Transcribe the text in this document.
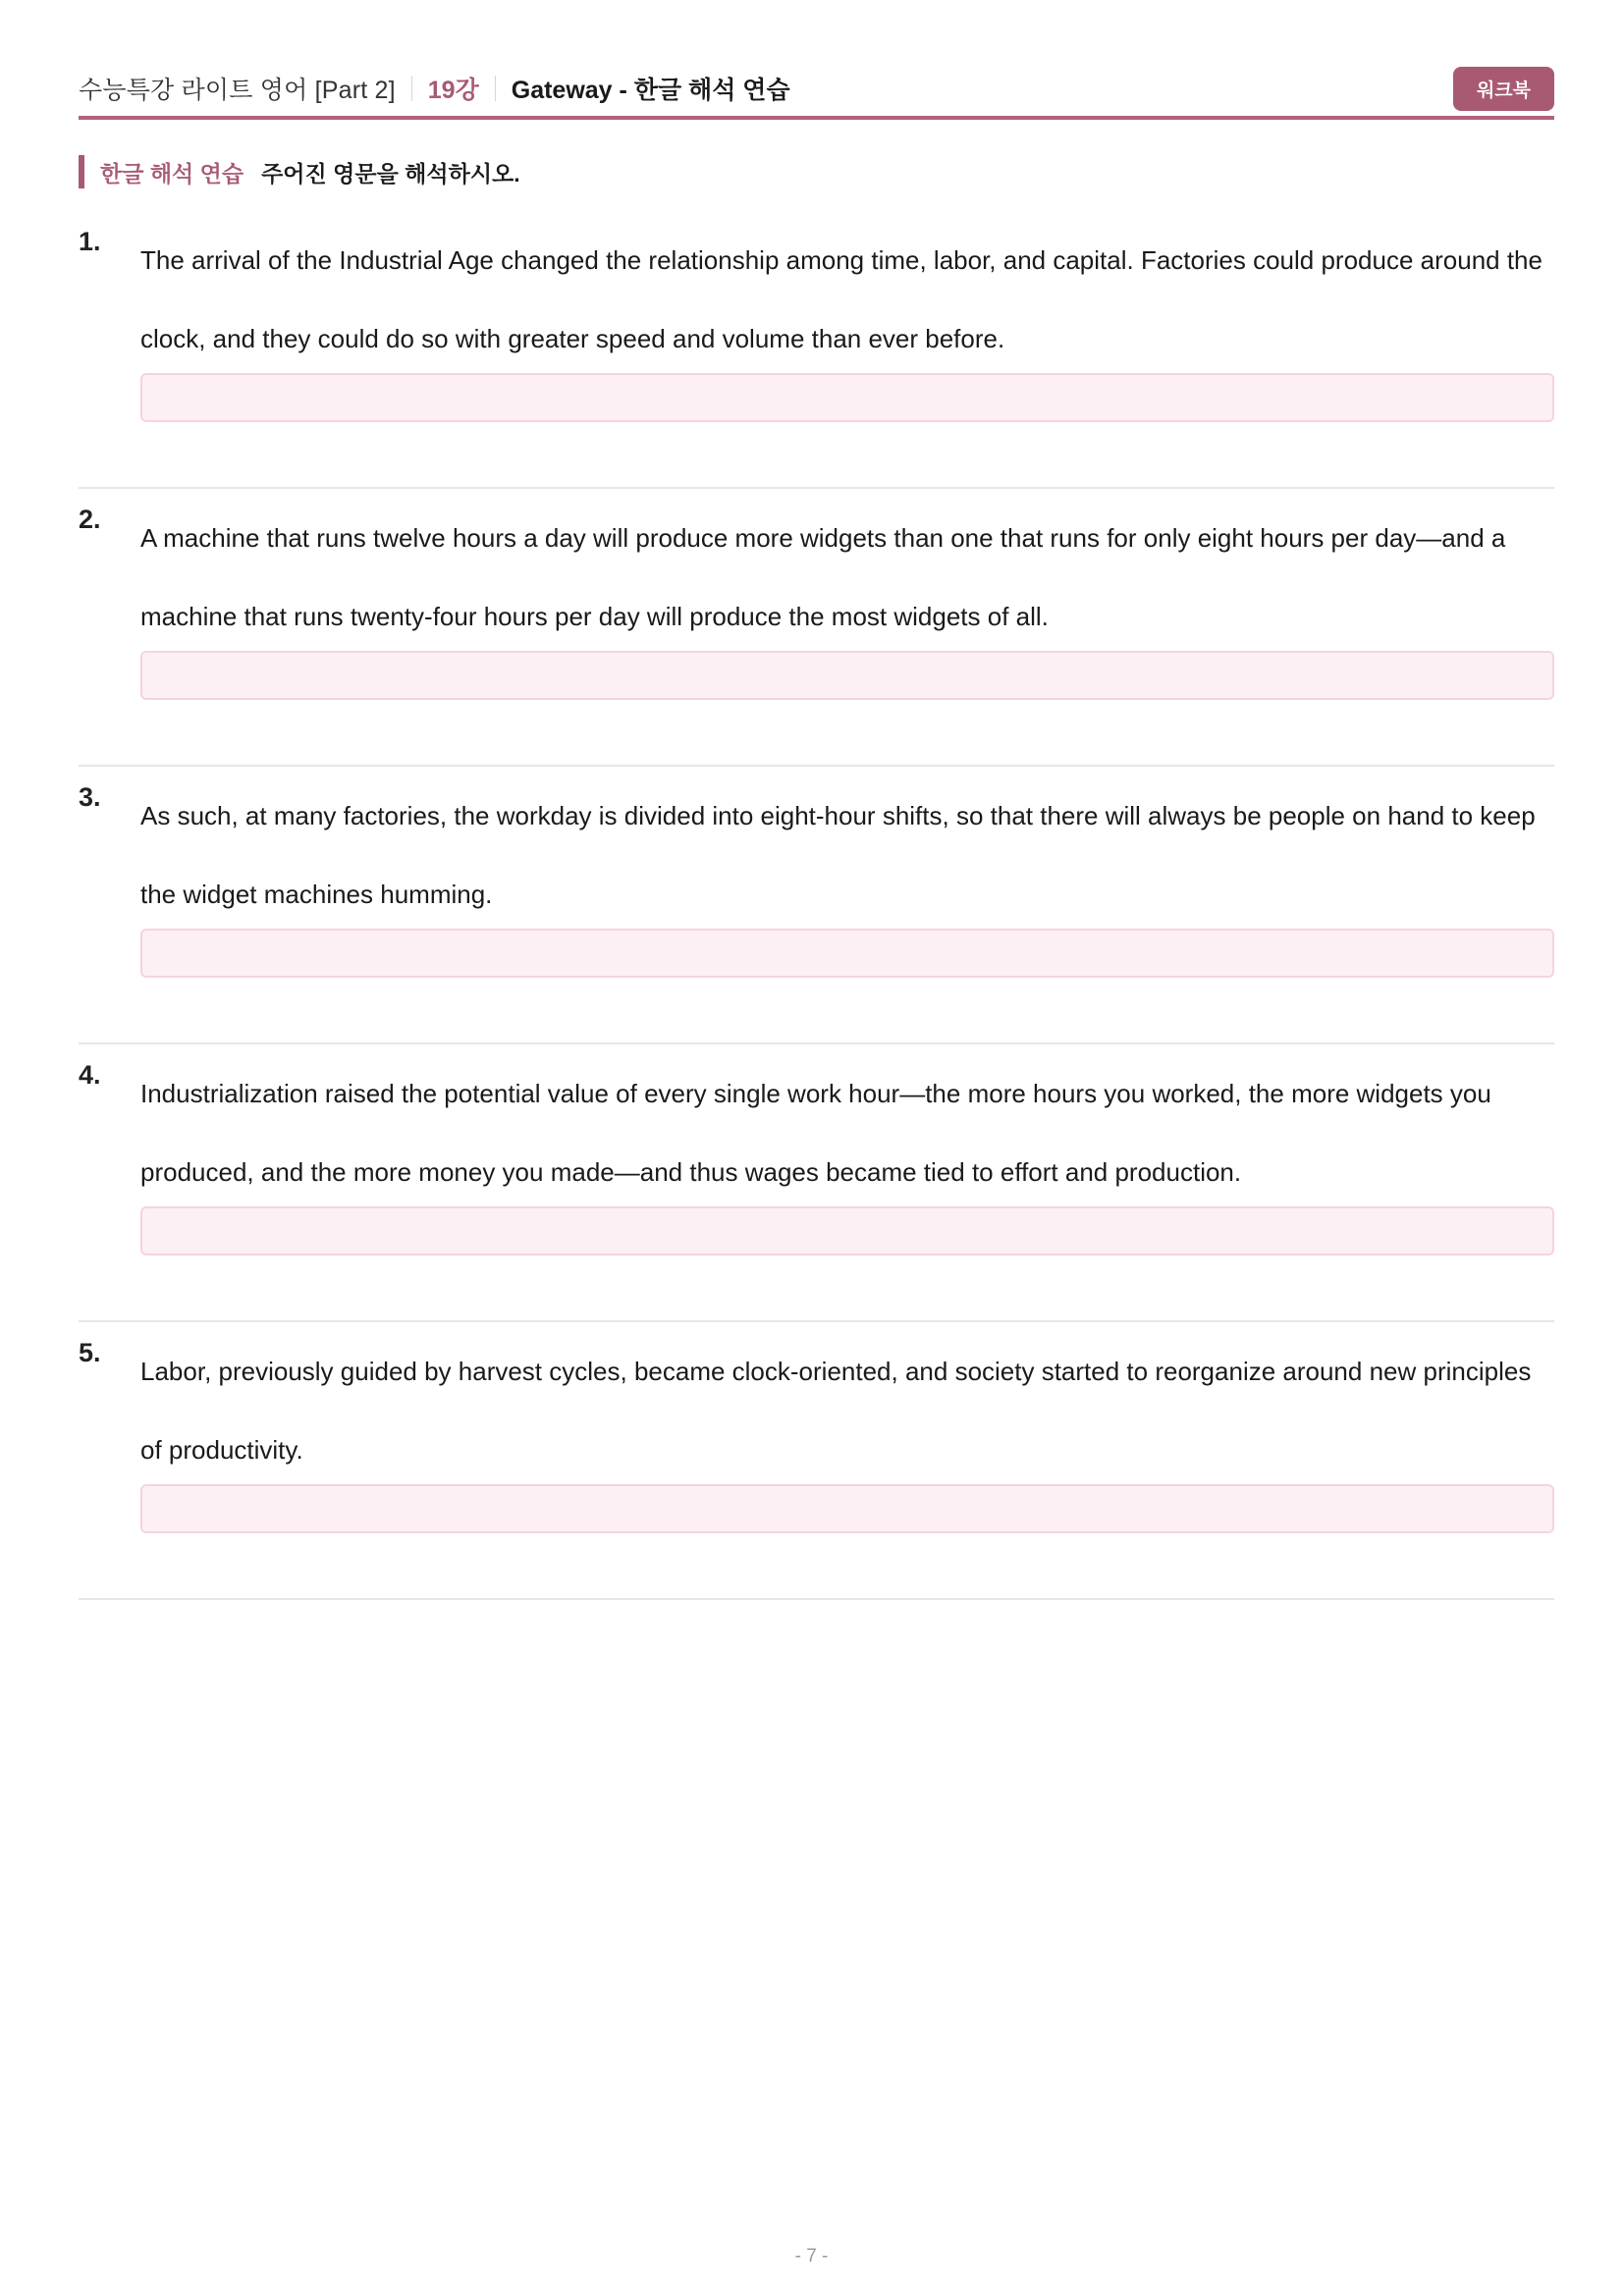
수능특강 라이트 영어 [Part 2] 19강 Gateway - 한글 해석 연습	워크북
한글 해석 연습 주어진 영문을 해석하시오.
1.

The arrival of the Industrial Age changed the relationship among time, labor, and capital. Factories could produce around the clock, and they could do so with greater speed and volume than ever before.

2.

A machine that runs twelve hours a day will produce more widgets than one that runs for only eight hours per day—and a machine that runs twenty-four hours per day will produce the most widgets of all.

3.

As such, at many factories, the workday is divided into eight-hour shifts, so that there will always be people on hand to keep the widget machines humming.

4.

Industrialization raised the potential value of every single work hour—the more hours you worked, the more widgets you produced, and the more money you made—and thus wages became tied to effort and production.

5.

Labor, previously guided by harvest cycles, became clock-oriented, and society started to reorganize around new principles of productivity.

- 7 -
